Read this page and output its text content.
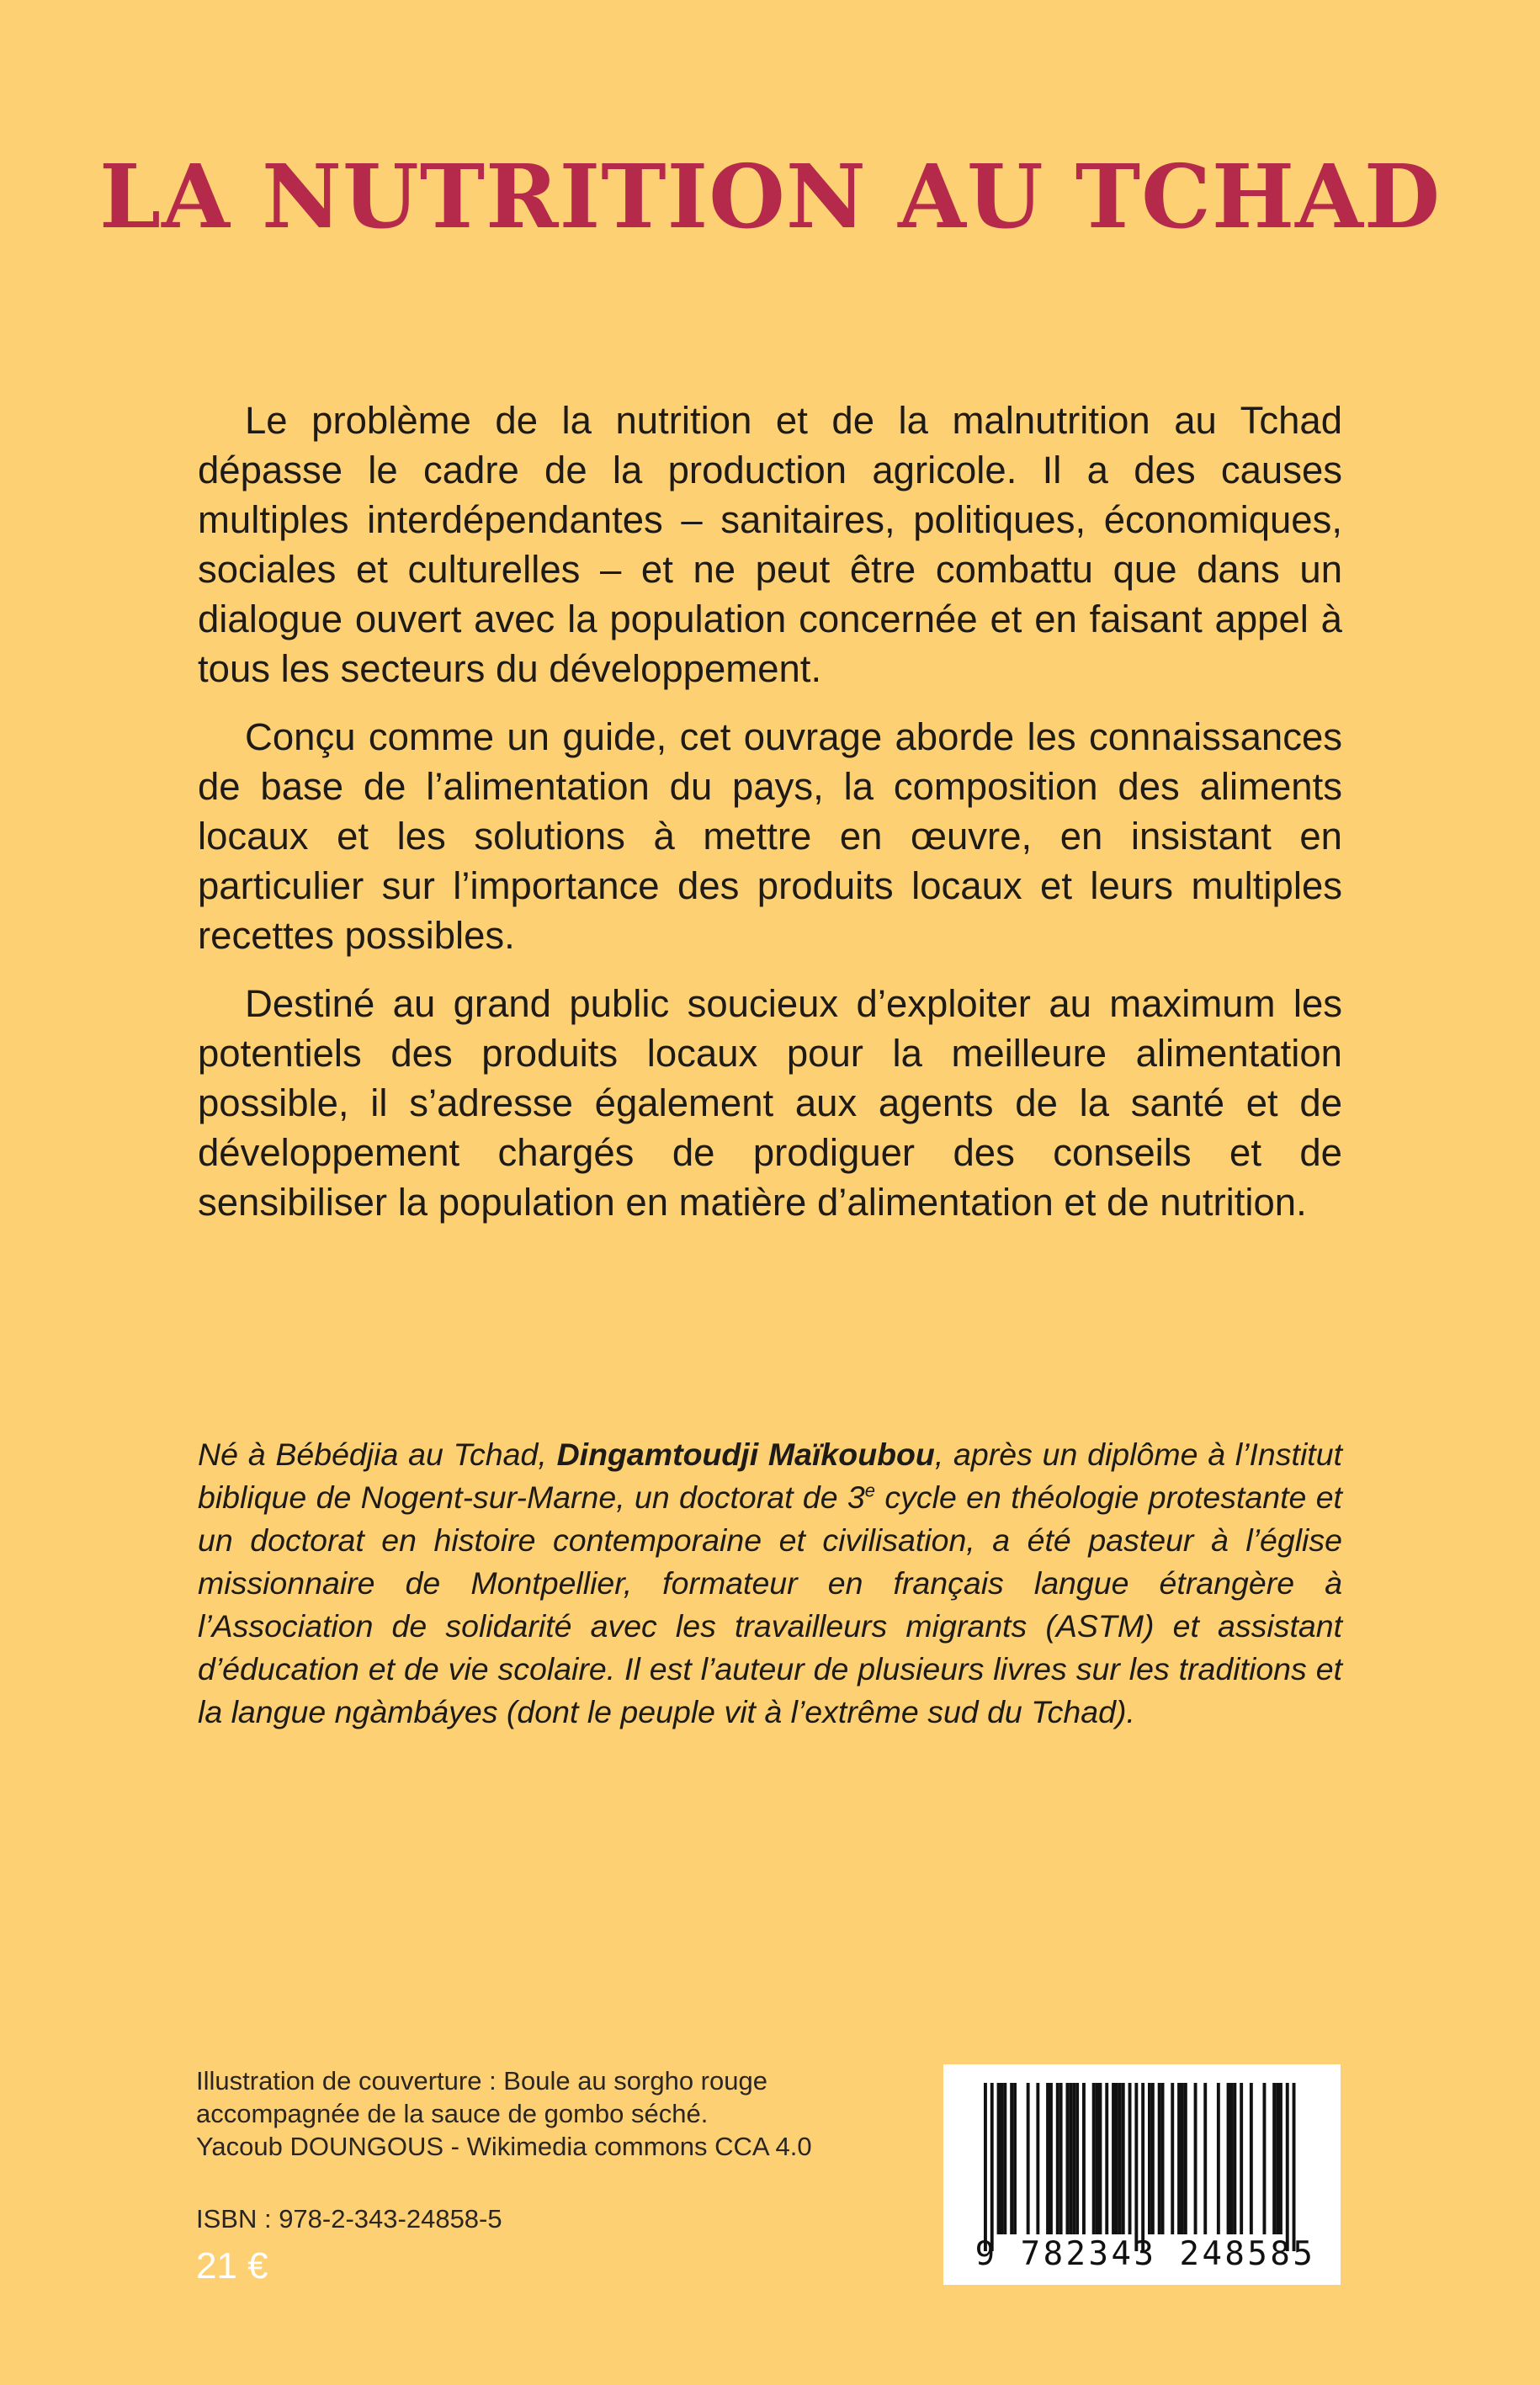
LA NUTRITION AU TCHAD

Le problème de la nutrition et de la malnutrition au Tchad dépasse le cadre de la production agricole. Il a des causes multiples interdépendantes – sanitaires, politiques, économiques, sociales et culturelles – et ne peut être combattu que dans un dialogue ouvert avec la population concernée et en faisant appel à tous les secteurs du développement.

Conçu comme un guide, cet ouvrage aborde les connaissances de base de l’alimentation du pays, la composition des aliments locaux et les solutions à mettre en œuvre, en insistant en particulier sur l’importance des produits locaux et leurs multiples recettes possibles.

Destiné au grand public soucieux d’exploiter au maximum les potentiels des produits locaux pour la meilleure alimentation possible, il s’adresse également aux agents de la santé et de développement chargés de prodiguer des conseils et de sensibiliser la population en matière d’alimentation et de nutrition.

Né à Bébédjia au Tchad, Dingamtoudji Maïkoubou, après un diplôme à l’Institut biblique de Nogent-sur-Marne, un doctorat de 3e cycle en théologie protestante et un doctorat en histoire contemporaine et civilisation, a été pasteur à l’église missionnaire de Montpellier, formateur en français langue étrangère à l’Association de solidarité avec les travailleurs migrants (ASTM) et assistant d’éducation et de vie scolaire. Il est l’auteur de plusieurs livres sur les traditions et la langue ngàmbáyes (dont le peuple vit à l’extrême sud du Tchad).

Illustration de couverture : Boule au sorgho rouge
accompagnée de la sauce de gombo séché.
Yacoub DOUNGOUS - Wikimedia commons CCA 4.0
ISBN : 978-2-343-24858-5
21 €	9 782343 248585
